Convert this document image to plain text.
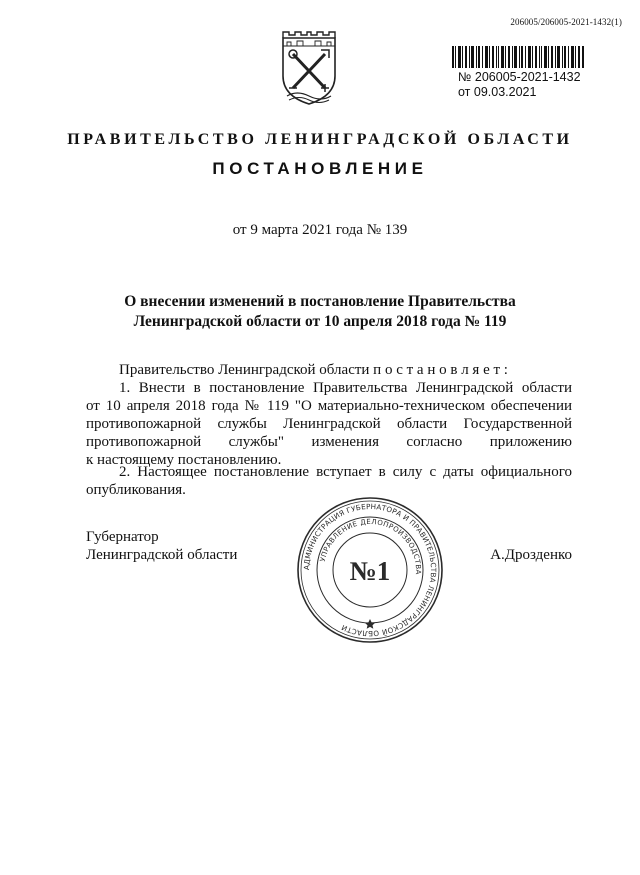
206005/206005-2021-1432(1)
№ 206005-2021-1432
от 09.03.2021
ПРАВИТЕЛЬСТВО ЛЕНИНГРАДСКОЙ ОБЛАСТИ
ПОСТАНОВЛЕНИЕ
от 9 марта 2021 года № 139
О внесении изменений в постановление Правительства
Ленинградской области от 10 апреля 2018 года № 119
Правительство Ленинградской области п о с т а н о в л я е т :
1. Внести в постановление Правительства Ленинградской области
от 10 апреля 2018 года № 119 "О материально-техническом обеспечении
противопожарной службы Ленинградской области Государственной
противопожарной службы" изменения согласно приложению
к настоящему постановлению.
2. Настоящее постановление вступает в силу с даты официального
опубликования.
Губернатор
Ленинградской области	А.Дрозденко
АДМИНИСТРАЦИЯ ГУБЕРНАТОРА И ПРАВИТЕЛЬСТВА ЛЕНИНГРАДСКОЙ ОБЛАСТИ
УПРАВЛЕНИЕ ДЕЛОПРОИЗВОДСТВА
№1
